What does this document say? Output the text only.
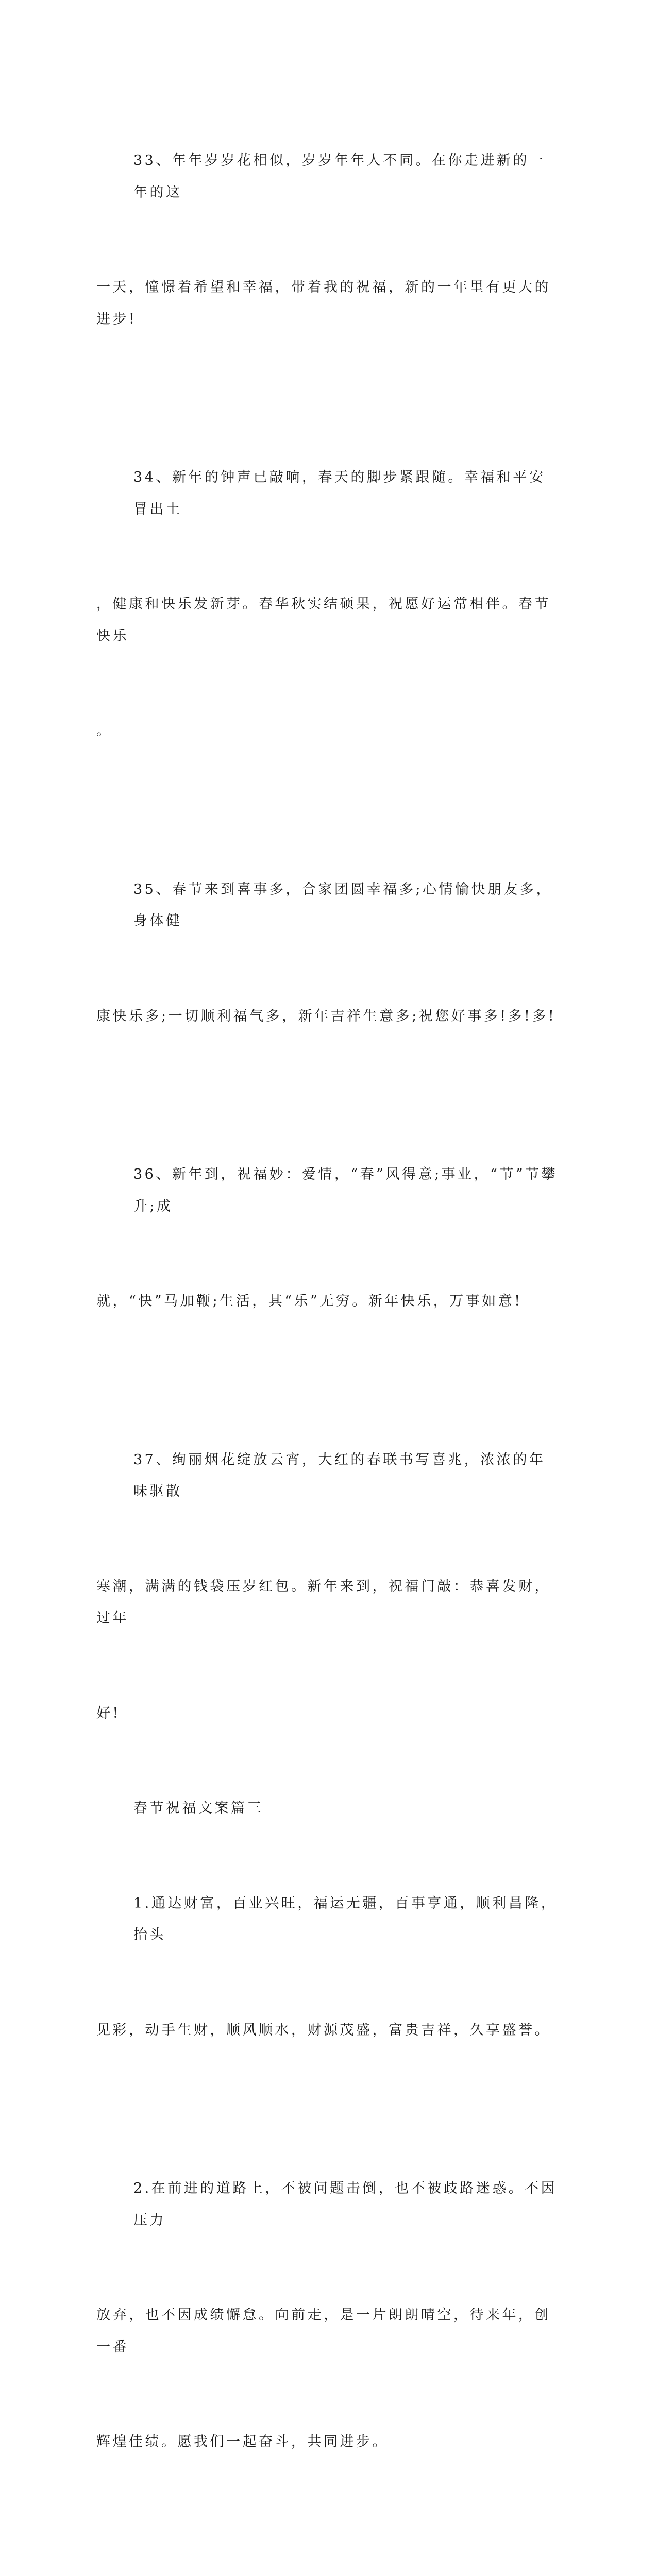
33、年年岁岁花相似，岁岁年年人不同。在你走进新的一年的这

一天，憧憬着希望和幸福，带着我的祝福，新的一年里有更大的进步!

34、新年的钟声已敲响，春天的脚步紧跟随。幸福和平安冒出土

，健康和快乐发新芽。春华秋实结硕果，祝愿好运常相伴。春节快乐

。

35、春节来到喜事多，合家团圆幸福多;心情愉快朋友多，身体健

康快乐多;一切顺利福气多，新年吉祥生意多;祝您好事多!多!多!

36、新年到，祝福妙：爱情，“春”风得意;事业，“节”节攀升;成

就，“快”马加鞭;生活，其“乐”无穷。新年快乐，万事如意!

37、绚丽烟花绽放云宵，大红的春联书写喜兆，浓浓的年味驱散

寒潮，满满的钱袋压岁红包。新年来到，祝福门敲：恭喜发财，过年

好!

春节祝福文案篇三

1.通达财富，百业兴旺，福运无疆，百事亨通，顺利昌隆，抬头

见彩，动手生财，顺风顺水，财源茂盛，富贵吉祥，久享盛誉。

2.在前进的道路上，不被问题击倒，也不被歧路迷惑。不因压力

放弃，也不因成绩懈怠。向前走，是一片朗朗晴空，待来年，创一番

辉煌佳绩。愿我们一起奋斗，共同进步。
